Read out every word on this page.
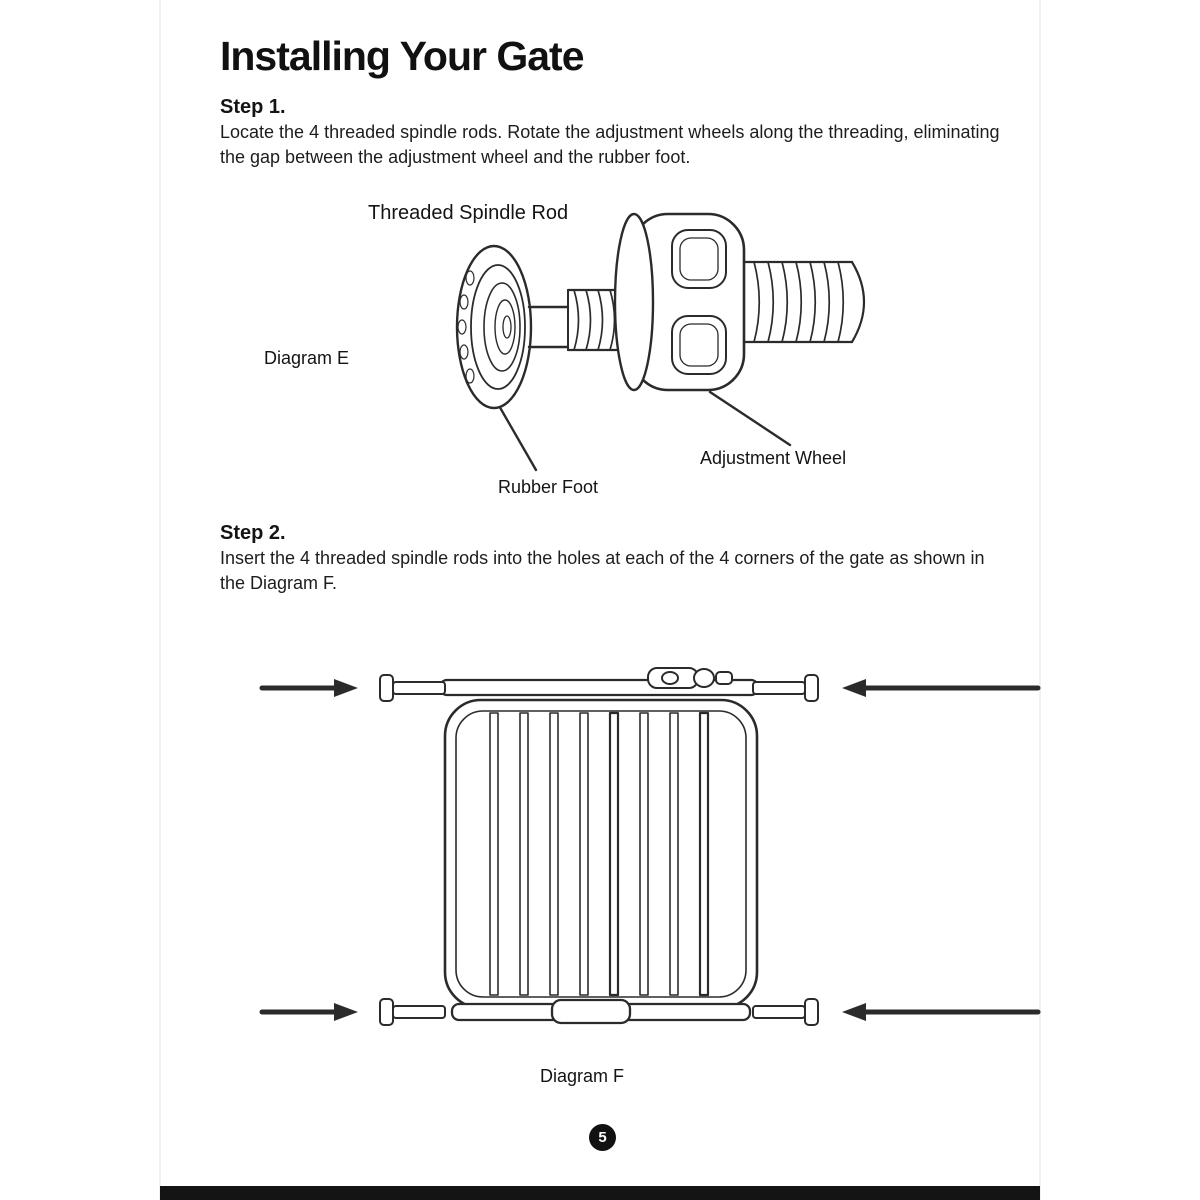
Installing Your Gate
Step 1.

Locate the 4 threaded spindle rods. Rotate the adjustment wheels along the threading, eliminating the gap between the adjustment wheel and the rubber foot.

Threaded Spindle Rod
Diagram E
Rubber Foot
Adjustment Wheel
Step 2.

Insert the 4 threaded spindle rods into the holes at each of the 4 corners of the gate as shown in the Diagram F.

Diagram F
5
